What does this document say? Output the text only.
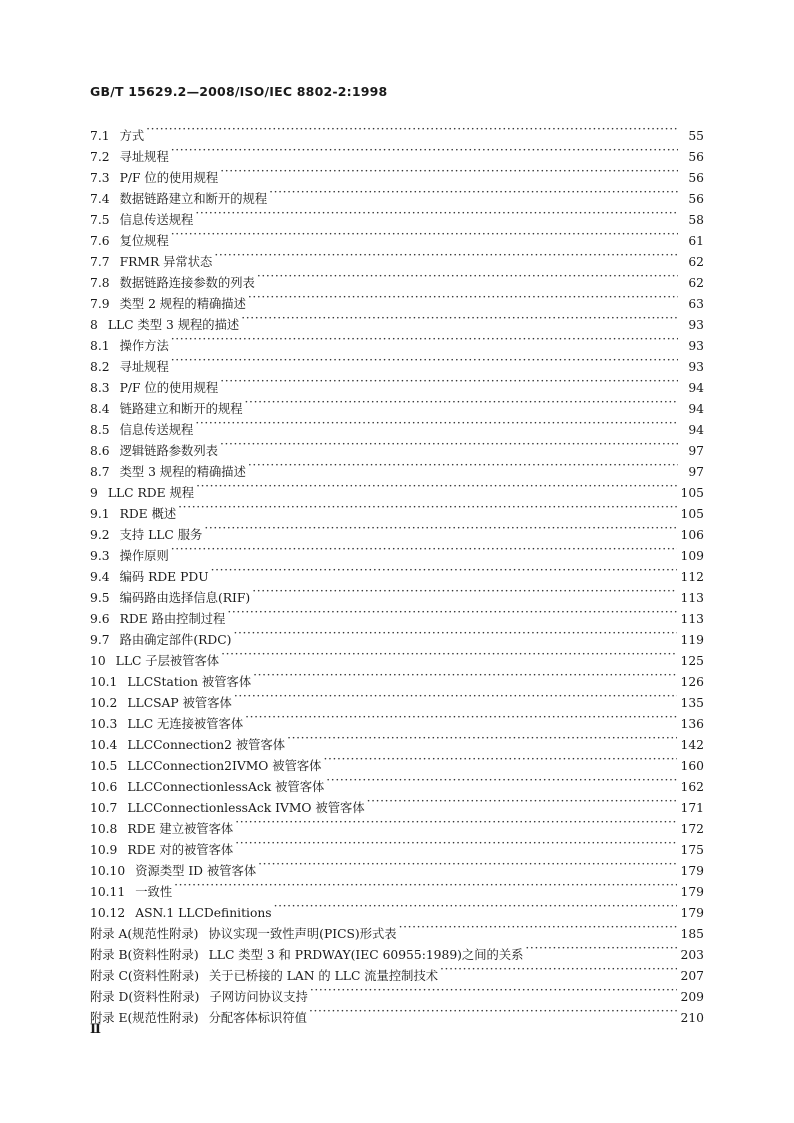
GB/T 15629.2—2008/ISO/IEC 8802-2:1998
7.1 方式 ·····	55
7.2 寻址规程 ·····	56
7.3 P/F 位的使用规程 ·····	56
7.4 数据链路建立和断开的规程 ·····	56
7.5 信息传送规程 ·····	58
7.6 复位规程 ·····	61
7.7 FRMR 异常状态 ·····	62
7.8 数据链路连接参数的列表 ·····	62
7.9 类型 2 规程的精确描述 ·····	63
8 LLC 类型 3 规程的描述 ·····	93
8.1 操作方法 ·····	93
8.2 寻址规程 ·····	93
8.3 P/F 位的使用规程 ·····	94
8.4 链路建立和断开的规程 ·····	94
8.5 信息传送规程 ·····	94
8.6 逻辑链路参数列表 ·····	97
8.7 类型 3 规程的精确描述 ·····	97
9 LLC RDE 规程 ·····	105
9.1 RDE 概述 ·····	105
9.2 支持 LLC 服务 ·····	106
9.3 操作原则 ·····	109
9.4 编码 RDE PDU ·····	112
9.5 编码路由选择信息(RIF) ·····	113
9.6 RDE 路由控制过程 ·····	113
9.7 路由确定部件(RDC) ·····	119
10 LLC 子层被管客体 ·····	125
10.1 LLCStation 被管客体 ·····	126
10.2 LLCSAP 被管客体 ·····	135
10.3 LLC 无连接被管客体 ·····	136
10.4 LLCConnection2 被管客体 ·····	142
10.5 LLCConnection2IVMO 被管客体 ·····	160
10.6 LLCConnectionlessAck 被管客体 ·····	162
10.7 LLCConnectionlessAck IVMO 被管客体 ·····	171
10.8 RDE 建立被管客体 ·····	172
10.9 RDE 对的被管客体 ·····	175
10.10 资源类型 ID 被管客体 ·····	179
10.11 一致性 ·····	179
10.12 ASN.1 LLCDefinitions ·····	179
附录 A(规范性附录) 协议实现一致性声明(PICS)形式表 ·····	185
附录 B(资料性附录) LLC 类型 3 和 PRDWAY(IEC 60955:1989)之间的关系 ·····	203
附录 C(资料性附录) 关于已桥接的 LAN 的 LLC 流量控制技术 ·····	207
附录 D(资料性附录) 子网访问协议支持 ·····	209
附录 E(规范性附录) 分配客体标识符值 ·····	210
Ⅱ
